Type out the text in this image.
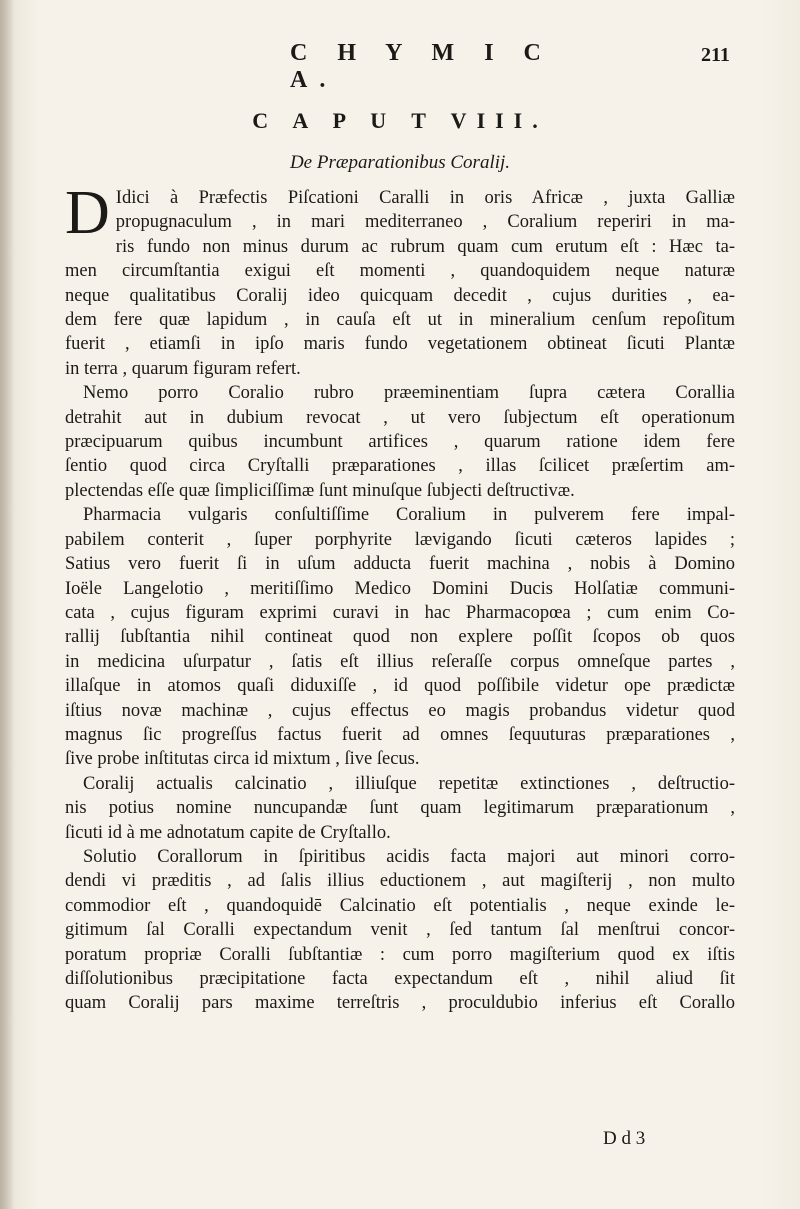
C H Y M I C A.
211
C A P U T VIII.
De Præparationibus Coralij.
D Idici à Præfectis Piſcationi Caralli in oris Africæ , juxta Galliæ
propugnaculum , in mari mediterraneo , Coralium reperiri in ma-
ris fundo non minus durum ac rubrum quam cum erutum eſt : Hæc ta-
men circumſtantia exigui eſt momenti , quandoquidem neque naturæ
neque qualitatibus Coralij ideo quicquam decedit , cujus durities , ea-
dem fere quæ lapidum , in cauſa eſt ut in mineralium cenſum repoſitum
fuerit , etiamſi in ipſo maris fundo vegetationem obtineat ſicuti Plantæ
in terra , quarum figuram refert.
Nemo porro Coralio rubro præeminentiam ſupra cætera Corallia
detrahit aut in dubium revocat , ut vero ſubjectum eſt operationum
præcipuarum quibus incumbunt artifices , quarum ratione idem fere
ſentio quod circa Cryſtalli præparationes , illas ſcilicet præſertim am-
plectendas eſſe quæ ſimpliciſſimæ ſunt minuſque ſubjecti deſtructivæ.
Pharmacia vulgaris conſultiſſime Coralium in pulverem fere impal-
pabilem conterit , ſuper porphyrite lævigando ſicuti cæteros lapides ;
Satius vero fuerit ſi in uſum adducta fuerit machina , nobis à Domino
Ioële Langelotio , meritiſſimo Medico Domini Ducis Holſatiæ communi-
cata , cujus figuram exprimi curavi in hac Pharmacopœa ; cum enim Co-
rallij ſubſtantia nihil contineat quod non explere poſſit ſcopos ob quos
in medicina uſurpatur , ſatis eſt illius reſeraſſe corpus omneſque partes ,
illaſque in atomos quaſi diduxiſſe , id quod poſſibile videtur ope prædictæ
iſtius novæ machinæ , cujus effectus eo magis probandus videtur quod
magnus ſic progreſſus factus fuerit ad omnes ſequuturas præparationes ,
ſive probe inſtitutas circa id mixtum , ſive ſecus.
Coralij actualis calcinatio , illiuſque repetitæ extinctiones , deſtructio-
nis potius nomine nuncupandæ ſunt quam legitimarum præparationum ,
ſicuti id à me adnotatum capite de Cryſtallo.
Solutio Corallorum in ſpiritibus acidis facta majori aut minori corro-
dendi vi præditis , ad ſalis illius eductionem , aut magiſterij , non multo
commodior eſt , quandoquidē Calcinatio eſt potentialis , neque exinde le-
gitimum ſal Coralli expectandum venit , ſed tantum ſal menſtrui concor-
poratum propriæ Coralli ſubſtantiæ : cum porro magiſterium quod ex iſtis
diſſolutionibus præcipitatione facta expectandum eſt , nihil aliud ſit
quam Coralij pars maxime terreſtris , proculdubio inferius eſt Corallo
D d 3
